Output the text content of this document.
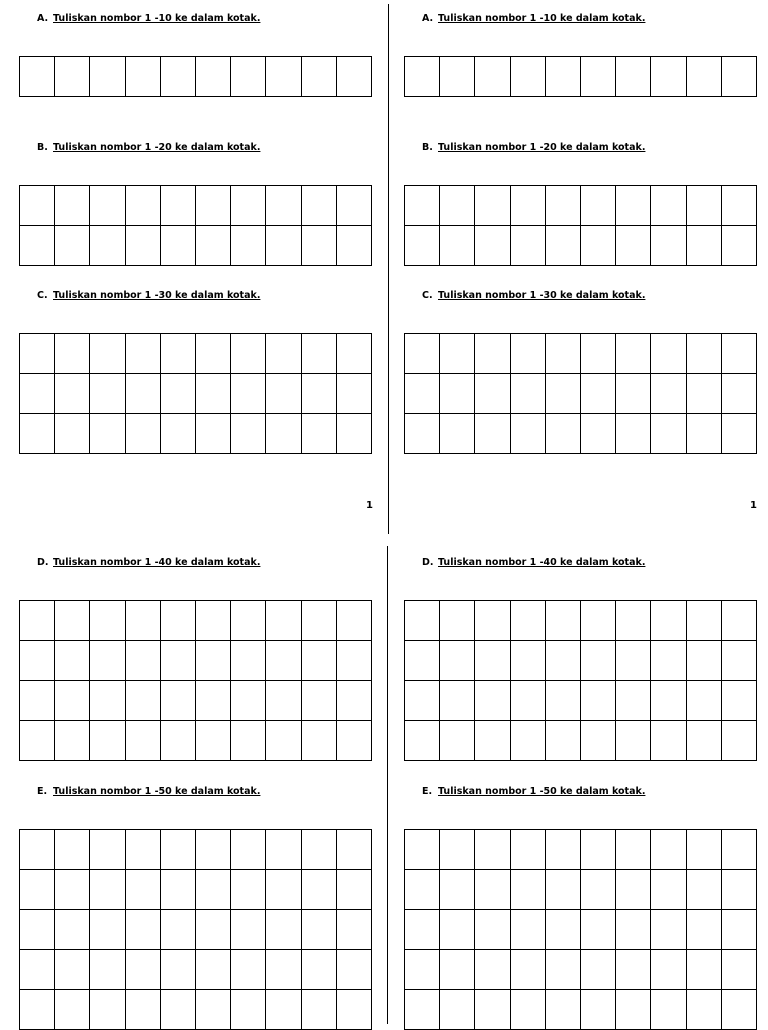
A. Tuliskan nombor 1 -10 ke dalam kotak.
B. Tuliskan nombor 1 -20 ke dalam kotak.
C. Tuliskan nombor 1 -30 ke dalam kotak.
1
A. Tuliskan nombor 1 -10 ke dalam kotak.
B. Tuliskan nombor 1 -20 ke dalam kotak.
C. Tuliskan nombor 1 -30 ke dalam kotak.
1
D. Tuliskan nombor 1 -40 ke dalam kotak.
E. Tuliskan nombor 1 -50 ke dalam kotak.
D. Tuliskan nombor 1 -40 ke dalam kotak.
E. Tuliskan nombor 1 -50 ke dalam kotak.
